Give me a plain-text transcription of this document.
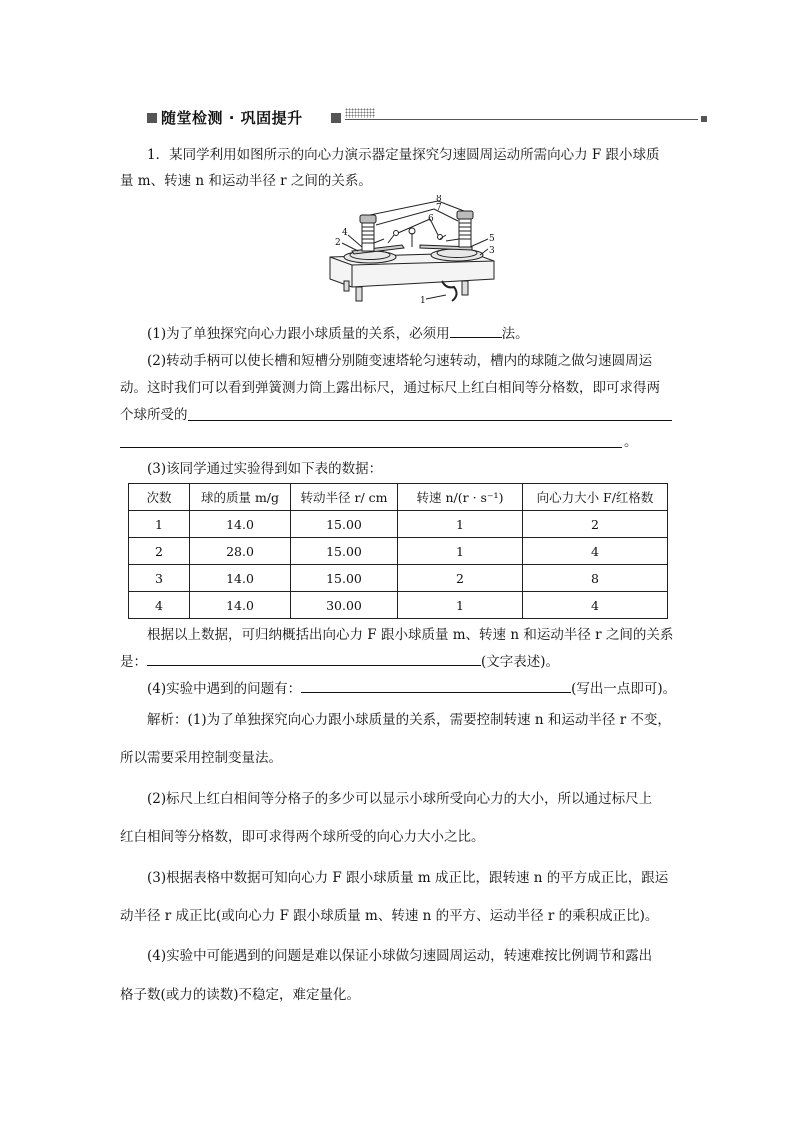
随堂检测 · 巩固提升

1．某同学利用如图所示的向心力演示器定量探究匀速圆周运动所需向心力 F 跟小球质

量 m、转速 n 和运动半径 r 之间的关系。

8
7
6
2
4
5
3
1

(1)为了单独探究向心力跟小球质量的关系，必须用	法。

(2)转动手柄可以使长槽和短槽分别随变速塔轮匀速转动，槽内的球随之做匀速圆周运

动。这时我们可以看到弹簧测力筒上露出标尺，通过标尺上红白相间等分格数，即可求得两

个球所受的

。

(3)该同学通过实验得到如下表的数据：

次数	球的质量 m/g	转动半径 r/ cm	转速 n/(r · s⁻¹)	向心力大小 F/红格数
1	14.0	15.00	1	2
2	28.0	15.00	1	4
3	14.0	15.00	2	8
4	14.0	30.00	1	4

根据以上数据，可归纳概括出向心力 F 跟小球质量 m、转速 n 和运动半径 r 之间的关系

是：	(文字表述)。

(4)实验中遇到的问题有：	(写出一点即可)。

解析：(1)为了单独探究向心力跟小球质量的关系，需要控制转速 n 和运动半径 r 不变，

所以需要采用控制变量法。

(2)标尺上红白相间等分格子的多少可以显示小球所受向心力的大小，所以通过标尺上

红白相间等分格数，即可求得两个球所受的向心力大小之比。

(3)根据表格中数据可知向心力 F 跟小球质量 m 成正比，跟转速 n 的平方成正比，跟运

动半径 r 成正比(或向心力 F 跟小球质量 m、转速 n 的平方、运动半径 r 的乘积成正比)。

(4)实验中可能遇到的问题是难以保证小球做匀速圆周运动，转速难按比例调节和露出

格子数(或力的读数)不稳定，难定量化。
